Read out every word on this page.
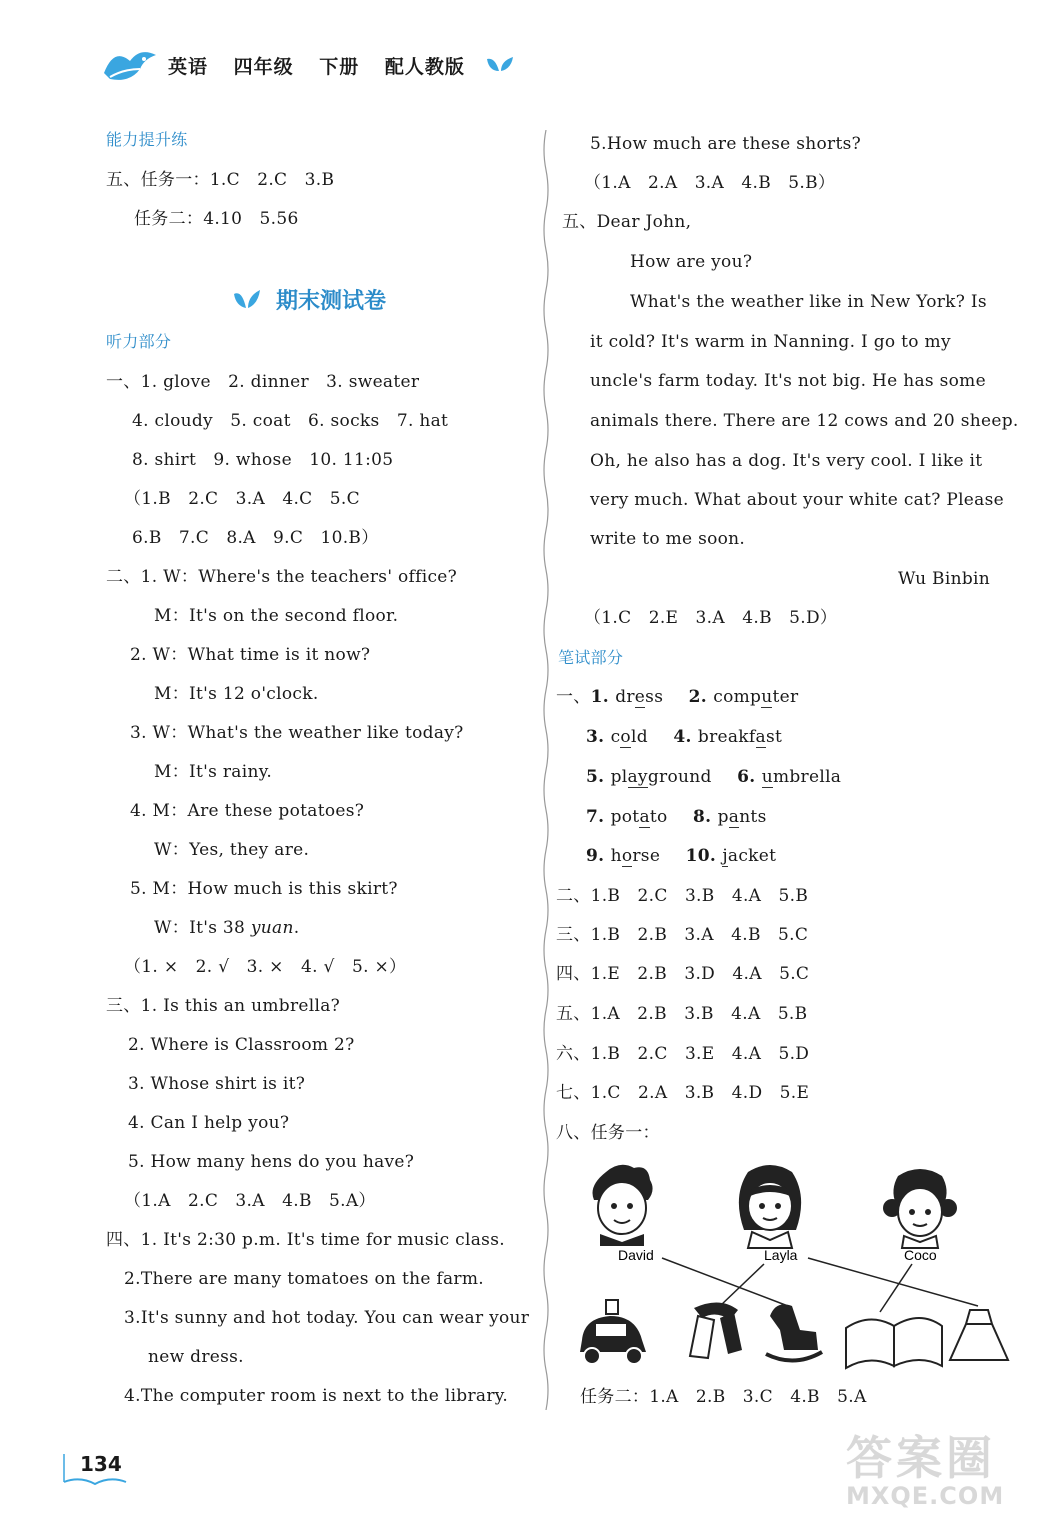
英语 四年级 下册 配人教版
能力提升练
五、任务一：1.C　2.C　3.B
任务二：4.10　5.56
期末测试卷
听力部分
一、1. glove　2. dinner　3. sweater
4. cloudy　5. coat　6. socks　7. hat
8. shirt　9. whose　10. 11:05
（1.B　2.C　3.A　4.C　5.C
6.B　7.C　8.A　9.C　10.B）
二、1. W：Where's the teachers' office?
M：It's on the second floor.
2. W：What time is it now?
M：It's 12 o'clock.
3. W：What's the weather like today?
M：It's rainy.
4. M：Are these potatoes?
W：Yes, they are.
5. M：How much is this skirt?
W：It's 38 yuan.
（1. ×　2. √　3. ×　4. √　5. ×）
三、1. Is this an umbrella?
2. Where is Classroom 2?
3. Whose shirt is it?
4. Can I help you?
5. How many hens do you have?
（1.A　2.C　3.A　4.B　5.A）
四、1. It's 2:30 p.m. It's time for music class.
2.There are many tomatoes on the farm.
3.It's sunny and hot today. You can wear your
new dress.
4.The computer room is next to the library.
5.How much are these shorts?
（1.A　2.A　3.A　4.B　5.B）
五、Dear John,
How are you?
What's the weather like in New York? Is
it cold? It's warm in Nanning. I go to my
uncle's farm today. It's not big. He has some
animals there. There are 12 cows and 20 sheep.
Oh, he also has a dog. It's very cool. I like it
very much. What about your white cat? Please
write to me soon.
Wu Binbin
（1.C　2.E　3.A　4.B　5.D）
笔试部分
一、1. dress 2. computer
3. cold 4. breakfast
5. playground 6. umbrella
7. potato 8. pants
9. horse 10. jacket
二、1.B　2.C　3.B　4.A　5.B
三、1.B　2.B　3.A　4.B　5.C
四、1.E　2.B　3.D　4.A　5.C
五、1.A　2.B　3.B　4.A　5.B
六、1.B　2.C　3.E　4.A　5.D
七、1.C　2.A　3.B　4.D　5.E
八、任务一：
David	Layla	Coco
任务二：1.A　2.B　3.C　4.B　5.A
134	答案圈
MXQE.COM
